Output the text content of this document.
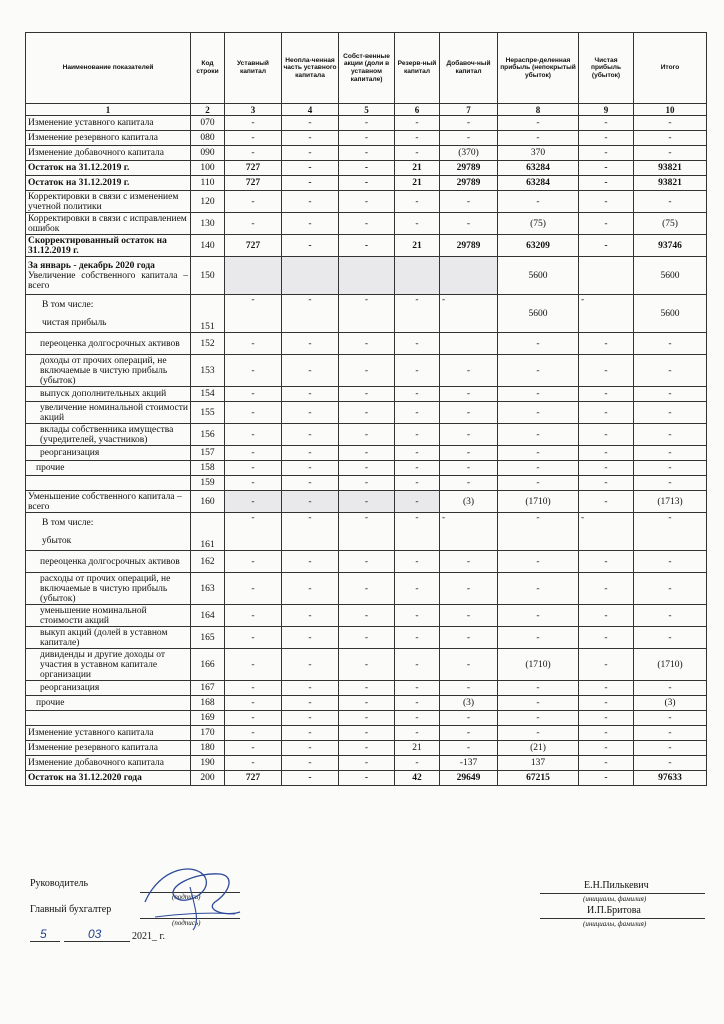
Наименование показателей	Код строки	Уставный капитал	Неопла-ченная часть уставного капитала	Собст-венные акции (доли в уставном капитале)	Резерв-ный капитал	Добавоч-ный капитал	Нераспре-деленная прибыль (непокрытый убыток)	Чистая прибыль (убыток)	Итого
1	2	3	4	5	6	7	8	9	10

Изменение уставного капитала	070	-	-	-	-	-	-	-	-

Изменение резервного капитала	080	-	-	-	-	-	-	-	-

Изменение добавочного капитала	090	-	-	-	-	(370)	370	-	-

Остаток на 31.12.2019 г.	100	727	-	-	21	29789	63284	-	93821

Остаток на 31.12.2019 г.	110	727	-	-	21	29789	63284	-	93821

Корректировки в связи с изменением учетной политики	120	-	-	-	-	-	-	-	-

Корректировки в связи с исправлением ошибок	130	-	-	-	-	-	(75)	-	(75)

Скорректированный остаток на 31.12.2019 г.	140	727	-	-	21	29789	63209	-	93746

За январь - декабрь 2020 года
Увеличение собственного капитала – всего	150						5600		5600

В том числе:
чистая прибыль	151	-	-	-	-	-	5600	-	5600

переоценка долгосрочных активов	152	-	-	-	-		-	-	-

доходы от прочих операций, не включаемые в чистую прибыль (убыток)	153	-	-	-	-	-	-	-	-

выпуск дополнительных акций	154	-	-	-	-	-	-	-	-

увеличение номинальной стоимости акций	155	-	-	-	-	-	-	-	-

вклады собственника имущества (учредителей, участников)	156	-	-	-	-	-	-	-	-

реорганизация	157	-	-	-	-	-	-	-	-

прочие	158	-	-	-	-	-	-	-	-

	159	-	-	-	-	-	-	-	-

Уменьшение собственного капитала – всего	160	-	-	-	-	(3)	(1710)	-	(1713)

В том числе:
убыток	161	-	-	-	-	-	-	-	-

переоценка долгосрочных активов	162	-	-	-	-	-	-	-	-

расходы от прочих операций, не включаемые в чистую прибыль (убыток)	163	-	-	-	-	-	-	-	-

уменьшение номинальной стоимости акций	164	-	-	-	-	-	-	-	-

выкуп акций (долей в уставном капитале)	165	-	-	-	-	-	-	-	-

дивиденды и другие доходы от участия в уставном капитале организации	166	-	-	-	-	-	(1710)	-	(1710)

реорганизация	167	-	-	-	-	-	-	-	-

прочие	168	-	-	-	-	(3)	-	-	(3)

	169	-	-	-	-	-	-	-	-

Изменение уставного капитала	170	-	-	-	-	-	-	-	-

Изменение резервного капитала	180	-	-	-	21	-	(21)	-	-

Изменение добавочного капитала	190	-	-	-	-	-137	137	-	-

Остаток на 31.12.2020 года	200	727	-	-	42	29649	67215	-	97633
Руководитель
Главный бухгалтер
(подпись)
(подпись)
Е.Н.Пилькевич
(инициалы, фамилия)
И.П.Бритова
(инициалы, фамилия)
5	03	2021_ г.
